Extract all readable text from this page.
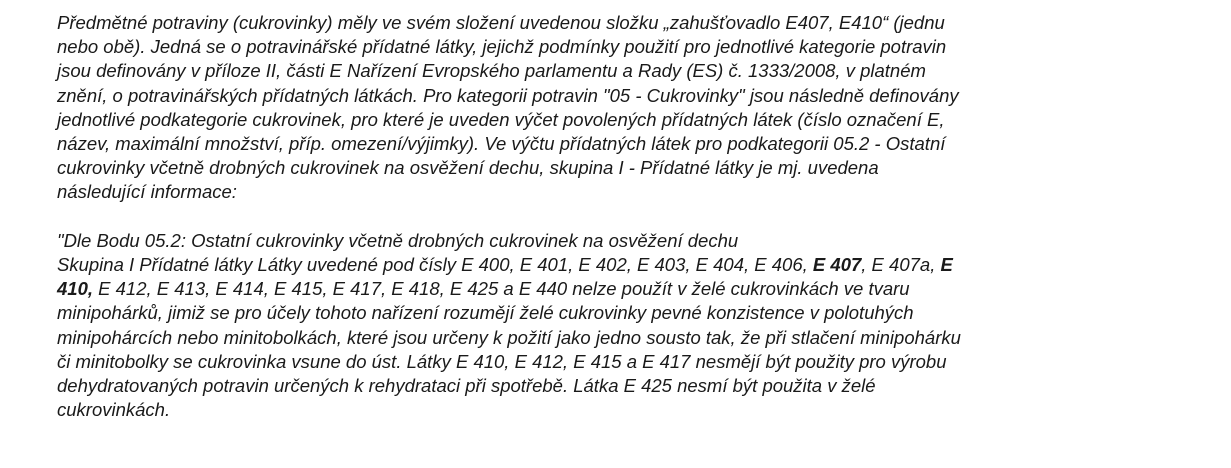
Předmětné potraviny (cukrovinky) měly ve svém složení uvedenou složku „zahušťovadlo E407, E410“ (jednu
nebo obě). Jedná se o potravinářské přídatné látky, jejichž podmínky použití pro jednotlivé kategorie potravin
jsou definovány v příloze II, části E Nařízení Evropského parlamentu a Rady (ES) č. 1333/2008, v platném
znění, o potravinářských přídatných látkách. Pro kategorii potravin "05 - Cukrovinky" jsou následně definovány
jednotlivé podkategorie cukrovinek, pro které je uveden výčet povolených přídatných látek (číslo označení E,
název, maximální množství, příp. omezení/výjimky). Ve výčtu přídatných látek pro podkategorii 05.2 - Ostatní
cukrovinky včetně drobných cukrovinek na osvěžení dechu, skupina I - Přídatné látky je mj. uvedena
následující informace:
"Dle Bodu 05.2: Ostatní cukrovinky včetně drobných cukrovinek na osvěžení dechu
Skupina I Přídatné látky Látky uvedené pod čísly E 400, E 401, E 402, E 403, E 404, E 406, E 407, E 407a, E
410, E 412, E 413, E 414, E 415, E 417, E 418, E 425 a E 440 nelze použít v želé cukrovinkách ve tvaru
minipohárků, jimiž se pro účely tohoto nařízení rozumějí želé cukrovinky pevné konzistence v polotuhých
minipohárcích nebo minitobolkách, které jsou určeny k požití jako jedno sousto tak, že při stlačení minipohárku
či minitobolky se cukrovinka vsune do úst. Látky E 410, E 412, E 415 a E 417 nesmějí být použity pro výrobu
dehydratovaných potravin určených k rehydrataci při spotřebě. Látka E 425 nesmí být použita v želé
cukrovinkách.
